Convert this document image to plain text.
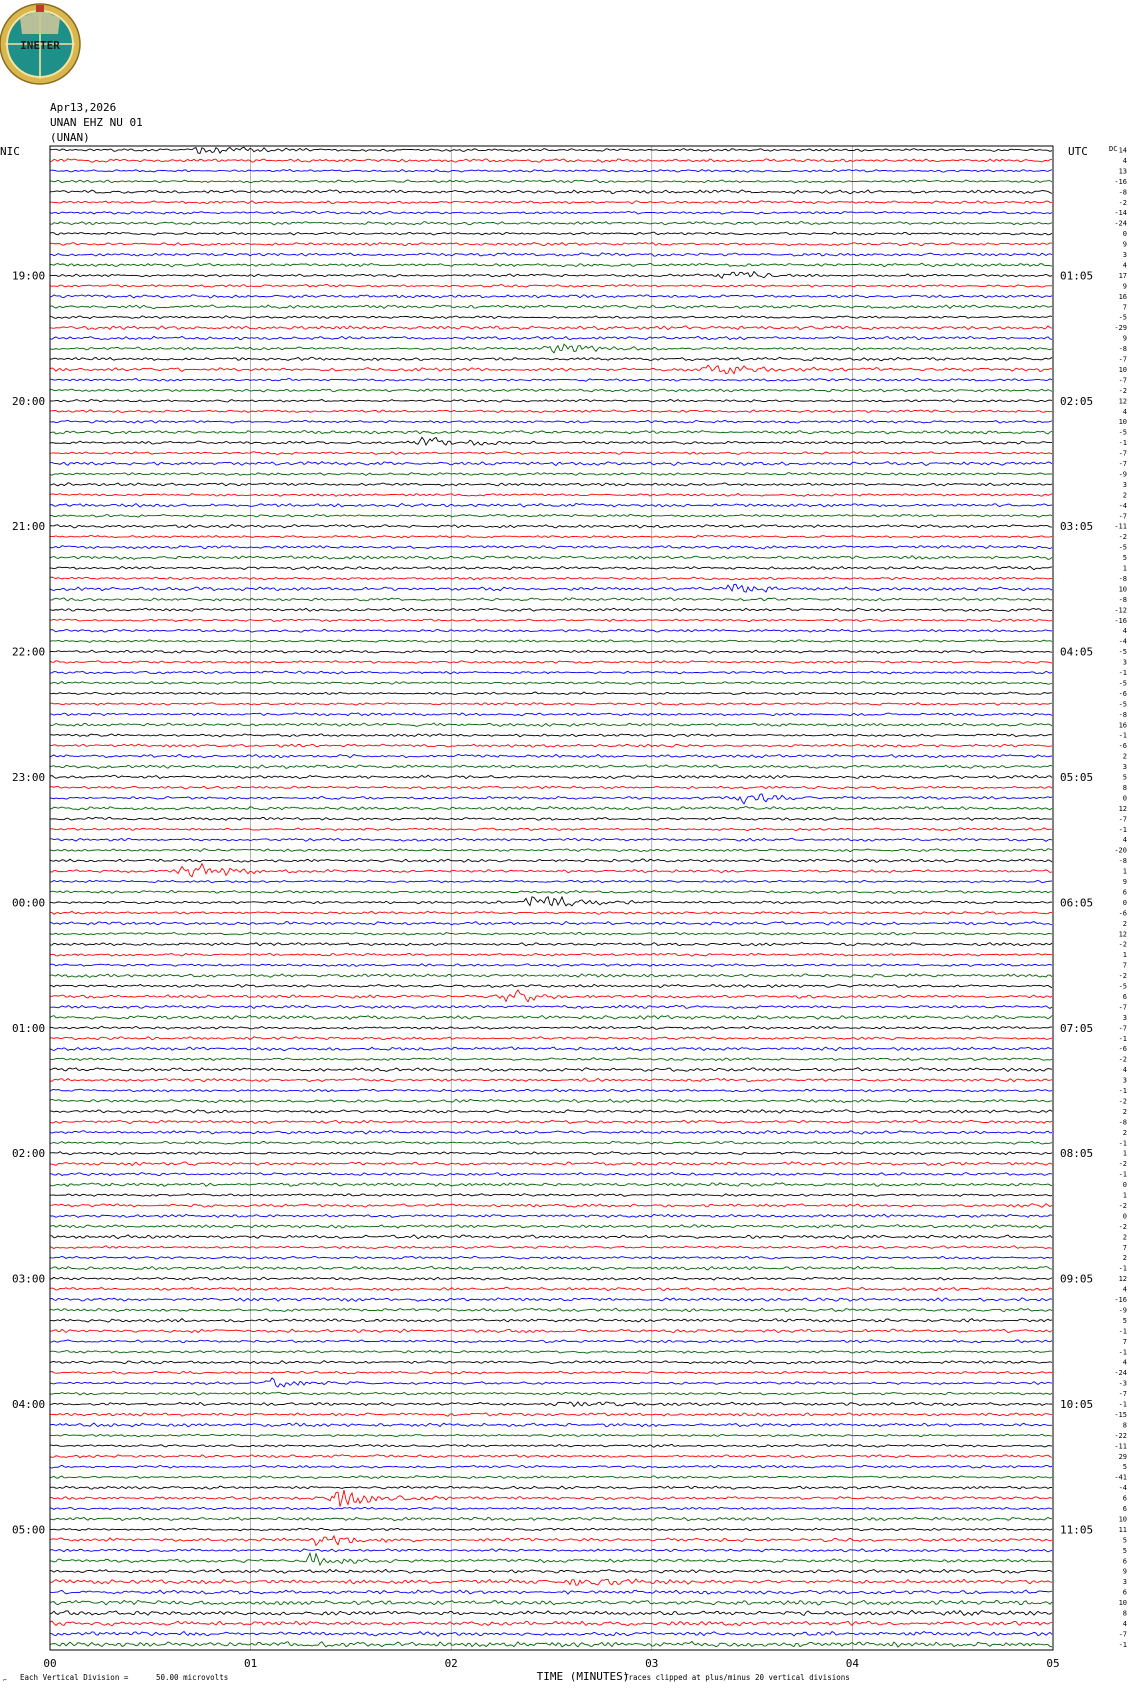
INETER
Apr13,2026
UNAN EHZ NU 01
(UNAN)
NIC	UTC	DC
19:00
20:00
21:00
22:00
23:00
00:00
01:00
02:00
03:00
04:00
05:00
01:05
02:05
03:05
04:05
05:05
06:05
07:05
08:05
09:05
10:05
11:05
14
4
13
-16
-8
-2
-14
-24
0
9
3
4
17
9
16
7
-5
-29
9
-8
-7
10
-7
-2
12
4
10
-5
-1
-7
-7
-9
3
2
-4
-7
-11
-2
-5
5
1
-8
10
-8
-12
-16
4
-4
-5
3
-1
-5
-6
-5
-8
16
-1
-6
2
3
5
8
0
12
-7
-1
4
-20
-8
1
9
6
0
-6
2
12
-2
1
7
-2
-5
6
-7
3
-7
-1
-6
-2
4
3
-1
-2
2
-8
2
-1
1
-2
-1
0
1
-2
0
-2
2
7
2
-1
12
4
-16
-9
5
-1
7
-1
4
-24
-3
-7
-1
-15
8
-22
-11
29
5
-41
-4
6
6
10
11
5
5
6
9
3
6
10
8
4
-7
-1
00	01	02	03	04	05
TIME (MINUTES)
⌐ Each Vertical Division =	50.00 microvolts	Traces clipped at plus/minus 20 vertical divisions
